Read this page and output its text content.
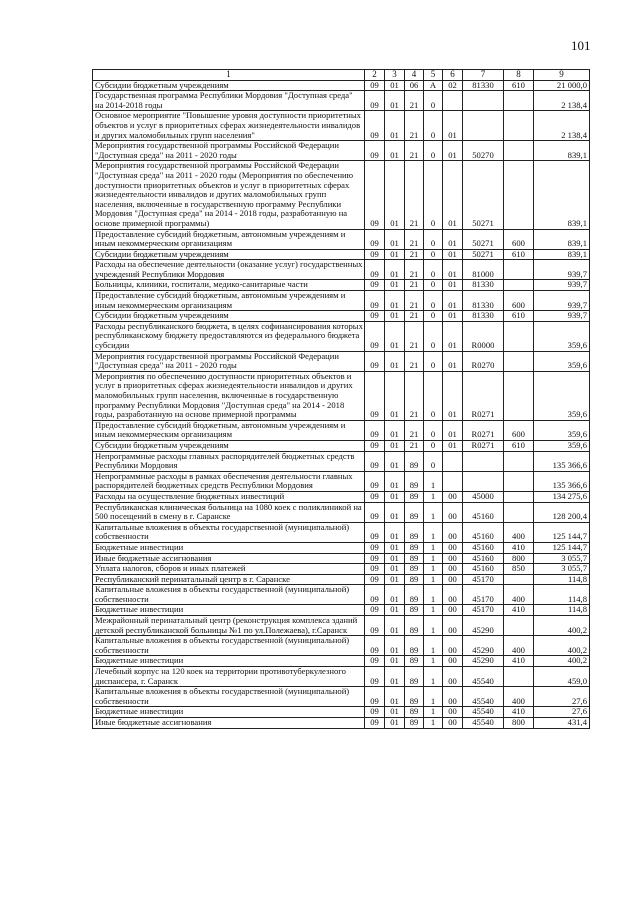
101
1	2	3	4	5	6	7	8	9
Субсидии бюджетным учреждениям	09	01	06	А	02	81330	610	21 000,0
Государственная программа Республики Мордовия "Доступная среда" на 2014-2018 годы	09	01	21	0				2 138,4
Основное мероприятие "Повышение уровня доступности приоритетных объектов и услуг в приоритетных сферах жизнедеятельности инвалидов и других маломобильных групп населения"	09	01	21	0	01			2 138,4
Мероприятия государственной программы Российской Федерации "Доступная среда" на 2011 - 2020 годы	09	01	21	0	01	50270		839,1
Мероприятия государственной программы Российской Федерации "Доступная среда" на 2011 - 2020 годы (Мероприятия по обеспечению доступности приоритетных объектов и услуг в приоритетных сферах жизнедеятельности инвалидов и других маломобильных групп населения, включенные в государственную программу Республики Мордовия "Доступная среда" на 2014 - 2018 годы, разработанную на основе примерной программы)	09	01	21	0	01	50271		839,1
Предоставление субсидий бюджетным, автономным учреждениям и иным некоммерческим организациям	09	01	21	0	01	50271	600	839,1
Субсидии бюджетным учреждениям	09	01	21	0	01	50271	610	839,1
Расходы на обеспечение деятельности (оказание услуг) государственных учреждений Республики Мордовия	09	01	21	0	01	81000		939,7
Больницы, клиники, госпитали, медико-санитарные части	09	01	21	0	01	81330		939,7
Предоставление субсидий бюджетным, автономным учреждениям и иным некоммерческим организациям	09	01	21	0	01	81330	600	939,7
Субсидии бюджетным учреждениям	09	01	21	0	01	81330	610	939,7
Расходы республиканского бюджета, в целях софинансирования которых республиканскому бюджету предоставляются из федерального бюджета субсидии	09	01	21	0	01	R0000		359,6
Мероприятия государственной программы Российской Федерации "Доступная среда" на 2011 - 2020 годы	09	01	21	0	01	R0270		359,6
Мероприятия по обеспечению доступности приоритетных объектов и услуг в приоритетных сферах жизнедеятельности инвалидов и других маломобильных групп населения, включенные в государственную программу Республики Мордовия "Доступная среда" на 2014 - 2018 годы, разработанную на основе примерной программы	09	01	21	0	01	R0271		359,6
Предоставление субсидий бюджетным, автономным учреждениям и иным некоммерческим организациям	09	01	21	0	01	R0271	600	359,6
Субсидии бюджетным учреждениям	09	01	21	0	01	R0271	610	359,6
Непрограммные расходы главных распорядителей бюджетных средств Республики Мордовия	09	01	89	0				135 366,6
Непрограммные расходы в рамках обеспечения деятельности главных распорядителей бюджетных средств Республики Мордовия	09	01	89	1				135 366,6
Расходы на осуществление бюджетных инвестиций	09	01	89	1	00	45000		134 275,6
Республиканская клиническая больница на 1080 коек с поликлиникой на 500 посещений в смену в г. Саранске	09	01	89	1	00	45160		128 200,4
Капитальные вложения в объекты государственной (муниципальной) собственности	09	01	89	1	00	45160	400	125 144,7
Бюджетные инвестиции	09	01	89	1	00	45160	410	125 144,7
Иные бюджетные ассигнования	09	01	89	1	00	45160	800	3 055,7
Уплата налогов, сборов и иных платежей	09	01	89	1	00	45160	850	3 055,7
Республиканский перинатальный центр в г. Саранске	09	01	89	1	00	45170		114,8
Капитальные вложения в объекты государственной (муниципальной) собственности	09	01	89	1	00	45170	400	114,8
Бюджетные инвестиции	09	01	89	1	00	45170	410	114,8
Межрайонный перинатальный центр (реконструкция комплекса зданий детской республиканской больницы №1 по ул.Полежаева), г.Саранск	09	01	89	1	00	45290		400,2
Капитальные вложения в объекты государственной (муниципальной) собственности	09	01	89	1	00	45290	400	400,2
Бюджетные инвестиции	09	01	89	1	00	45290	410	400,2
Лечебный корпус на 120 коек на территории противотуберкулезного диспансера, г. Саранск	09	01	89	1	00	45540		459,0
Капитальные вложения в объекты государственной (муниципальной) собственности	09	01	89	1	00	45540	400	27,6
Бюджетные инвестиции	09	01	89	1	00	45540	410	27,6
Иные бюджетные ассигнования	09	01	89	1	00	45540	800	431,4
